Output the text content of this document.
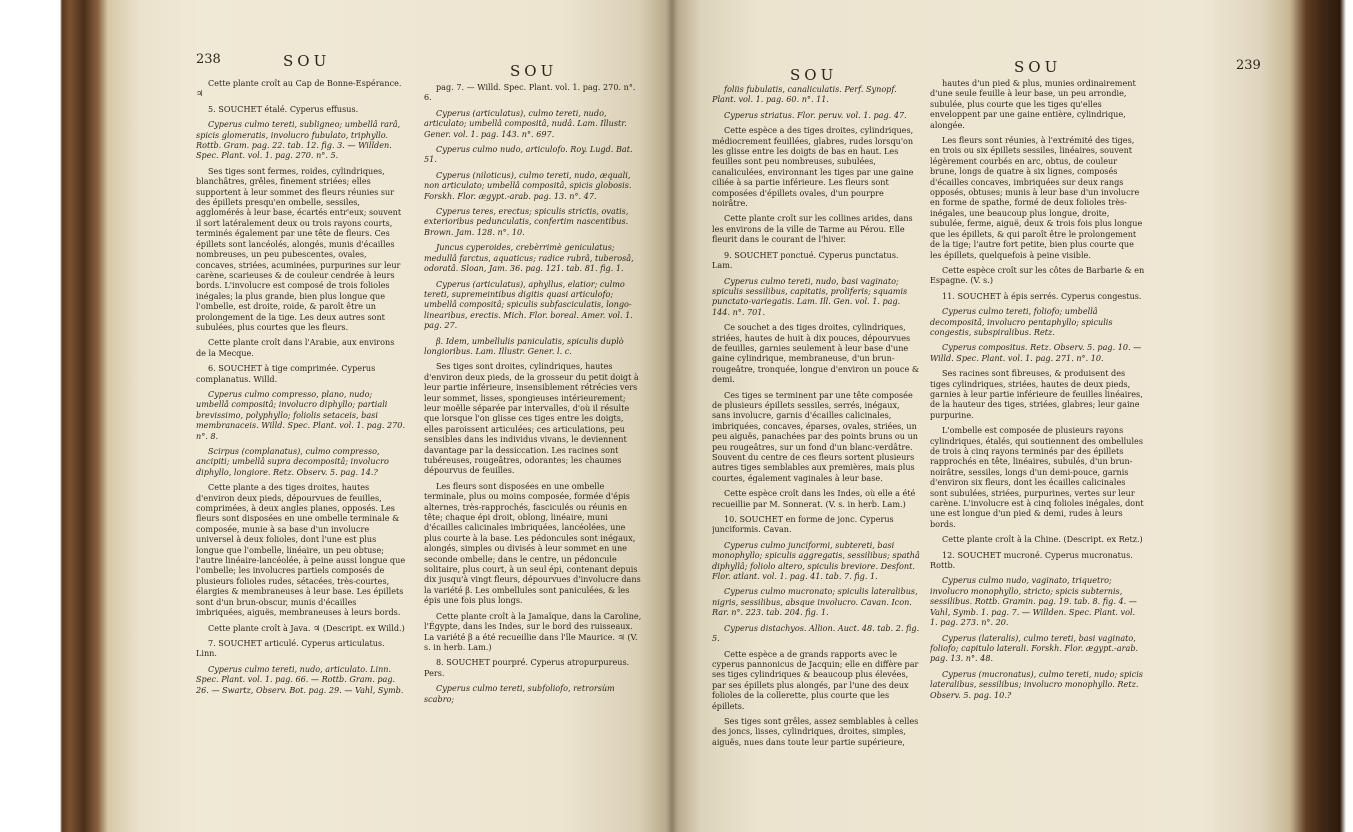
238	SOU
SOU

Cette plante croît au Cap de Bonne-Espérance. ♃

5. SOUCHET étalé. Cyperus effusus.

Cyperus culmo tereti, subligneo; umbellâ rarâ, spicis glomeratis, involucro fubulato, triphyllo. Rottb. Gram. pag. 22. tab. 12. fig. 3. — Willden. Spec. Plant. vol. 1. pag. 270. n°. 5.

Ses tiges sont fermes, roides, cylindriques, blanchâtres, grêles, finement striées; elles supportent à leur sommet des fleurs réunies sur des épillets presqu'en ombelle, sessiles, agglomérés à leur base, écartés entr'eux; souvent il sort latéralement deux ou trois rayons courts, terminés également par une tête de fleurs. Ces épillets sont lancéolés, alongés, munis d'écailles nombreuses, un peu pubescentes, ovales, concaves, striées, acuminées, purpurines sur leur carène, scarieuses & de couleur cendrée à leurs bords. L'involucre est composé de trois folioles inégales; la plus grande, bien plus longue que l'ombelle, est droite, roide, & paroît être un prolongement de la tige. Les deux autres sont subulées, plus courtes que les fleurs.

Cette plante croît dans l'Arabie, aux environs de la Mecque.

6. SOUCHET à tige comprimée. Cyperus complanatus. Willd.

Cyperus culmo compresso, plano, nudo; umbellâ compositâ; involucro diphyllo; partiali brevissimo, polyphyllo; foliolis setaceis, basi membranaceis. Willd. Spec. Plant. vol. 1. pag. 270. n°. 8.

Scirpus (complanatus), culmo compresso, ancipiti; umbellâ supra decompositâ; involucro diphyllo, longiore. Retz. Observ. 5. pag. 14.?

Cette plante a des tiges droites, hautes d'environ deux pieds, dépourvues de feuilles, comprimées, à deux angles planes, opposés. Les fleurs sont disposées en une ombelle terminale & composée, munie à sa base d'un involucre universel à deux folioles, dont l'une est plus longue que l'ombelle, linéaire, un peu obtuse; l'autre linéaire-lancéolée, à peine aussi longue que l'ombelle; les involucres partiels composés de plusieurs folioles rudes, sétacées, très-courtes, élargies & membraneuses à leur base. Les épillets sont d'un brun-obscur, munis d'écailles imbriquées, aiguës, membraneuses à leurs bords.

Cette plante croît à Java. ♃ (Descript. ex Willd.)

7. SOUCHET articulé. Cyperus articulatus. Linn.

Cyperus culmo tereti, nudo, articulato. Linn. Spec. Plant. vol. 1. pag. 66. — Rottb. Gram. pag. 26. — Swartz, Observ. Bot. pag. 29. — Vahl, Symb.

pag. 7. — Willd. Spec. Plant. vol. 1. pag. 270. n°. 6.

Cyperus (articulatus), culmo tereti, nudo, articulato; umbellâ compositâ, nudâ. Lam. Illustr. Gener. vol. 1. pag. 143. n°. 697.

Cyperus culmo nudo, articulofo. Roy. Lugd. Bat. 51.

Cyperus (niloticus), culmo tereti, nudo, æquali, non articulato; umbellâ compositâ, spicis globosis. Forskh. Flor. ægypt.-arab. pag. 13. n°. 47.

Cyperus teres, erectus; spiculis strictis, ovatis, exterioribus pedunculatis, confertim nascentibus. Brown. Jam. 128. n°. 10.

Juncus cyperoides, crebèrrimè geniculatus; medullâ farctus, aquaticus; radice rubrâ, tuberosâ, odoratâ. Sloan, Jam. 36. pag. 121. tab. 81. fig. 1.

Cyperus (articulatus), aphyllus, elatior; culmo tereti, supremeintibus digitis quasi articulofo; umbellâ compositâ; spiculis subfasciculatis, longo-linearibus, erectis. Mich. Flor. boreal. Amer. vol. 1. pag. 27.

β. Idem, umbellulis paniculatis, spiculis duplò longioribus. Lam. Illustr. Gener. l. c.

Ses tiges sont droites, cylindriques, hautes d'environ deux pieds, de la grosseur du petit doigt à leur partie inférieure, insensiblement rétrécies vers leur sommet, lisses, spongieuses intérieurement; leur moëlle séparée par intervalles, d'où il résulte que lorsque l'on glisse ces tiges entre les doigts, elles paroissent articulées; ces articulations, peu sensibles dans les individus vivans, le deviennent davantage par la dessiccation. Les racines sont tubéreuses, rougeâtres, odorantes; les chaumes dépourvus de feuilles.

Les fleurs sont disposées en une ombelle terminale, plus ou moins composée, formée d'épis alternes, très-rapprochés, fasciculés ou réunis en tête; chaque épi droit, oblong, linéaire, muni d'écailles calicinales imbriquées, lancéolées, une plus courte à la base. Les pédoncules sont inégaux, alongés, simples ou divisés à leur sommet en une seconde ombelle; dans le centre, un pédoncule solitaire, plus court, à un seul épi, contenant depuis dix jusqu'à vingt fleurs, dépourvues d'involucre dans la variété β. Les ombellules sont paniculées, & les épis une fois plus longs.

Cette plante croît à la Jamaïque, dans la Caroline, l'Égypte, dans les Indes, sur le bord des ruisseaux. La variété β a été recueillie dans l'île Maurice. ♃ (V. s. in herb. Lam.)

8. SOUCHET pourpré. Cyperus atropurpureus. Pers.

Cyperus culmo tereti, subfoliofo, retrorsùm scabro;

SOU	SOU	239

foliis fubulatis, canaliculatis. Perf. Synopf. Plant. vol. 1. pag. 60. n°. 11.

Cyperus striatus. Flor. peruv. vol. 1. pag. 47.

Cette espèce a des tiges droites, cylindriques, médiocrement feuillées, glabres, rudes lorsqu'on les glisse entre les doigts de bas en haut. Les feuilles sont peu nombreuses, subulées, canaliculées, environnant les tiges par une gaine ciliée à sa partie inférieure. Les fleurs sont composées d'épillets ovales, d'un pourpre noirâtre.

Cette plante croît sur les collines arides, dans les environs de la ville de Tarme au Pérou. Elle fleurit dans le courant de l'hiver.

9. SOUCHET ponctué. Cyperus punctatus. Lam.

Cyperus culmo tereti, nudo, basi vaginato; spiculis sessilibus, capitatis, proliferis; squamis punctato-variegatis. Lam. Ill. Gen. vol. 1. pag. 144. n°. 701.

Ce souchet a des tiges droites, cylindriques, striées, hautes de huit à dix pouces, dépourvues de feuilles, garnies seulement à leur base d'une gaine cylindrique, membraneuse, d'un brun-rougeâtre, tronquée, longue d'environ un pouce & demi.

Ces tiges se terminent par une tête composée de plusieurs épillets sessiles, serrés, inégaux, sans involucre, garnis d'écailles calicinales, imbriquées, concaves, éparses, ovales, striées, un peu aiguës, panachées par des points bruns ou un peu rougeâtres, sur un fond d'un blanc-verdâtre. Souvent du centre de ces fleurs sortent plusieurs autres tiges semblables aux premières, mais plus courtes, également vaginales à leur base.

Cette espèce croît dans les Indes, où elle a été recueillie par M. Sonnerat. (V. s. in herb. Lam.)

10. SOUCHET en forme de jonc. Cyperus junciformis. Cavan.

Cyperus culmo junciformi, subtereti, basi monophyllo; spiculis aggregatis, sessilibus; spathâ diphyllâ; foliolo altero, spiculis breviore. Desfont. Flor. atlant. vol. 1. pag. 41. tab. 7. fig. 1.

Cyperus culmo mucronato; spiculis lateralibus, nigris, sessilibus, absque involucro. Cavan. Icon. Rar. n°. 223. tab. 204. fig. 1.

Cyperus distachyos. Allion. Auct. 48. tab. 2. fig. 5.

Cette espèce a de grands rapports avec le cyperus pannonicus de Jacquin; elle en diffère par ses tiges cylindriques & beaucoup plus élevées, par ses épillets plus alongés, par l'une des deux folioles de la collerette, plus courte que les épillets.

Ses tiges sont grêles, assez semblables à celles des joncs, lisses, cylindriques, droites, simples, aiguës, nues dans toute leur partie supérieure,

hautes d'un pied & plus, munies ordinairement d'une seule feuille à leur base, un peu arrondie, subulée, plus courte que les tiges qu'elles enveloppent par une gaine entière, cylindrique, alongée.

Les fleurs sont réunies, à l'extrémité des tiges, en trois ou six épillets sessiles, linéaires, souvent légèrement courbés en arc, obtus, de couleur brune, longs de quatre à six lignes, composés d'écailles concaves, imbriquées sur deux rangs opposés, obtuses; munis à leur base d'un involucre en forme de spathe, formé de deux folioles très-inégales, une beaucoup plus longue, droite, subulée, ferme, aiguë, deux & trois fois plus longue que les épillets, & qui paroît être le prolongement de la tige; l'autre fort petite, bien plus courte que les épillets, quelquefois à peine visible.

Cette espèce croît sur les côtes de Barbarie & en Espagne. (V. s.)

11. SOUCHET à épis serrés. Cyperus congestus.

Cyperus culmo tereti, foliofo; umbellâ decompositâ, involucro pentaphyllo; spiculis congestis, subspiralibus. Retz.

Cyperus compositus. Retz. Observ. 5. pag. 10. — Willd. Spec. Plant. vol. 1. pag. 271. n°. 10.

Ses racines sont fibreuses, & produisent des tiges cylindriques, striées, hautes de deux pieds, garnies à leur partie inférieure de feuilles linéaires, de la hauteur des tiges, striées, glabres; leur gaine purpurine.

L'ombelle est composée de plusieurs rayons cylindriques, étalés, qui soutiennent des ombellules de trois à cinq rayons terminés par des épillets rapprochés en tête, linéaires, subulés, d'un brun-noirâtre, sessiles, longs d'un demi-pouce, garnis d'environ six fleurs, dont les écailles calicinales sont subulées, striées, purpurines, vertes sur leur carène. L'involucre est à cinq folioles inégales, dont une est longue d'un pied & demi, rudes à leurs bords.

Cette plante croît à la Chine. (Descript. ex Retz.)

12. SOUCHET mucroné. Cyperus mucronatus. Rottb.

Cyperus culmo nudo, vaginato, triquetro; involucro monophyllo, stricto; spicis subternis, sessilibus. Rottb. Gramin. pag. 19. tab. 8. fig. 4. — Vahl, Symb. 1. pag. 7. — Willden. Spec. Plant. vol. 1. pag. 273. n°. 20.

Cyperus (lateralis), culmo tereti, basi vaginato, foliofo; capitulo laterali. Forskh. Flor. ægypt.-arab. pag. 13. n°. 48.

Cyperus (mucronatus), culmo tereti, nudo; spicis lateralibus, sessilibus; involucro monophyllo. Retz. Observ. 5. pag. 10.?
